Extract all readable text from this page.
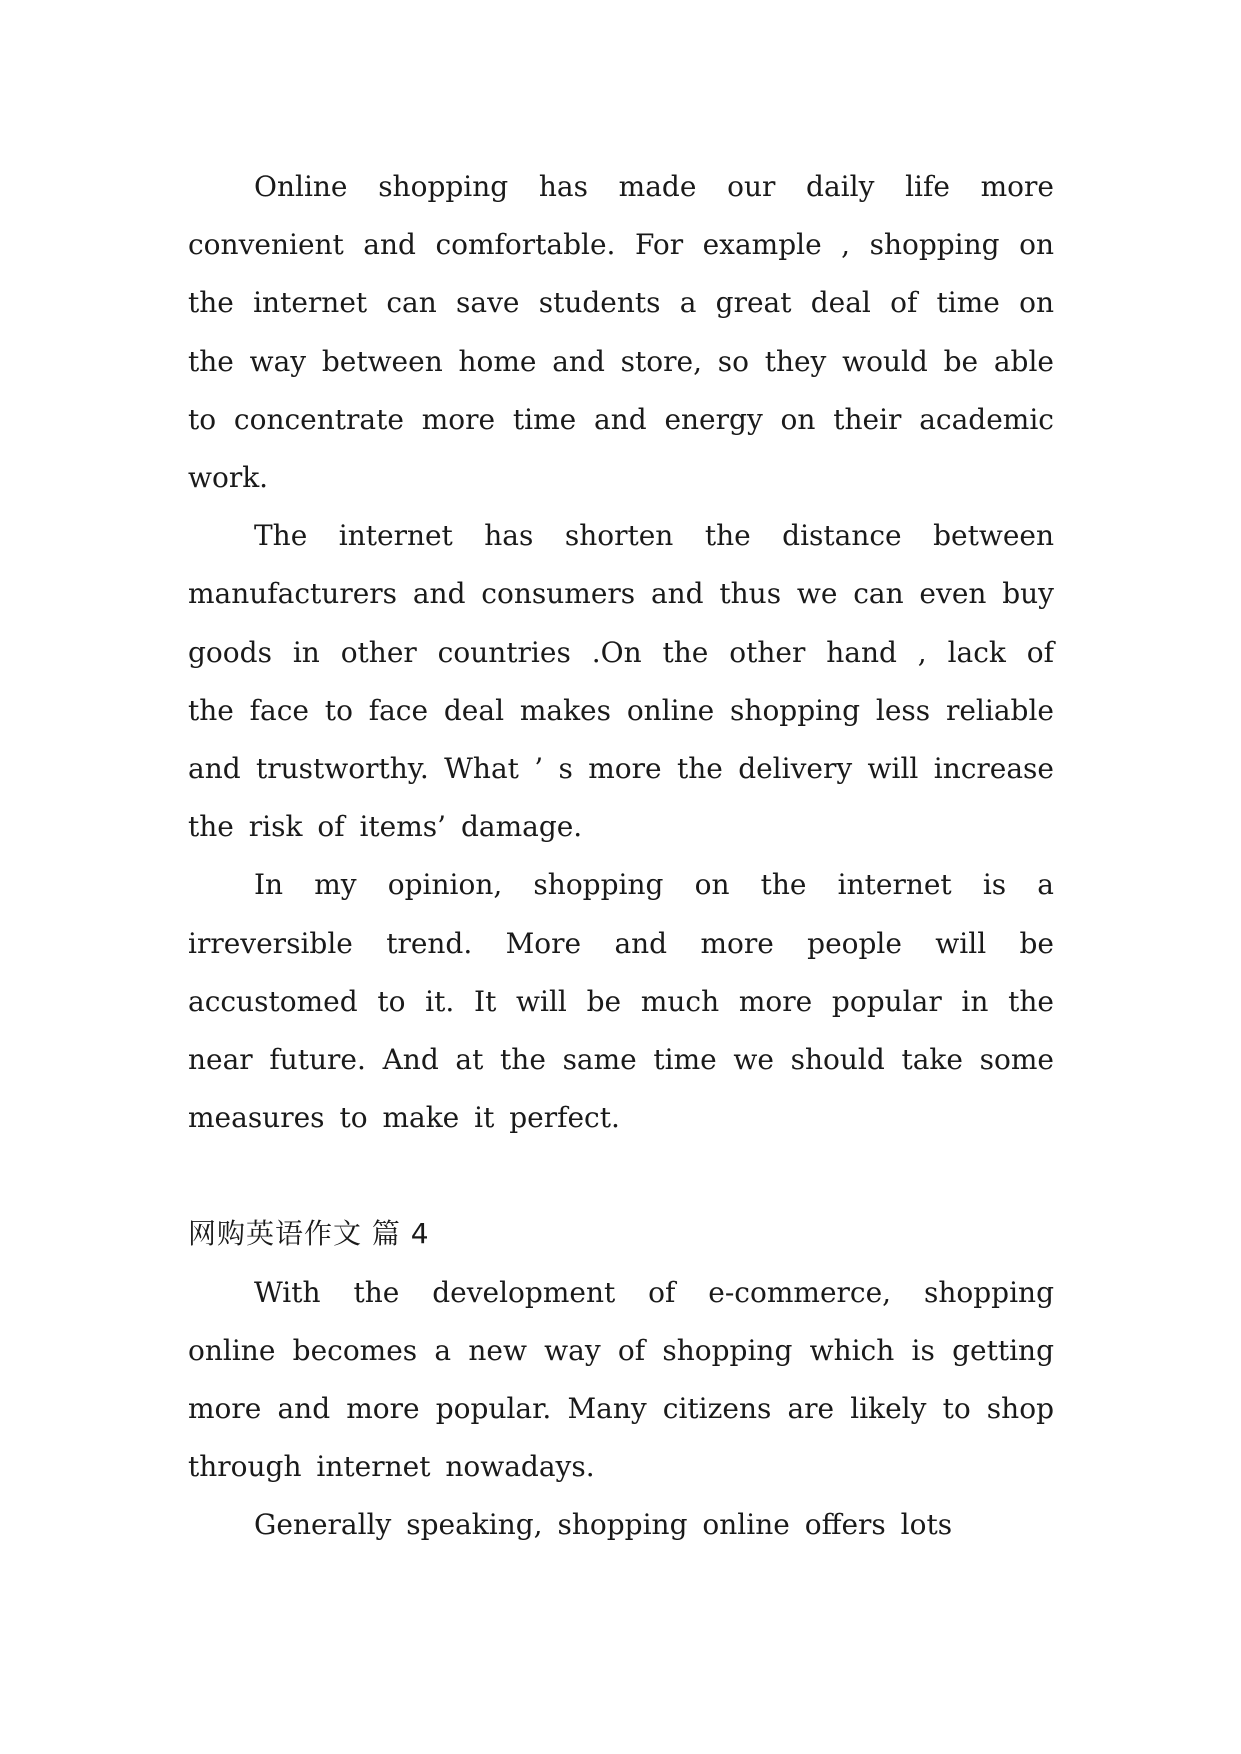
Online shopping has made our daily life more convenient and comfortable. For example , shopping on the internet can save students a great deal of time on the way between home and store, so they would be able to concentrate more time and energy on their academic work.

The internet has shorten the distance between manufacturers and consumers and thus we can even buy goods in other countries .On the other hand , lack of the face to face deal makes online shopping less reliable and trustworthy. What ’ s more the delivery will increase the risk of items’ damage.

In my opinion, shopping on the internet is a irreversible trend. More and more people will be accustomed to it. It will be much more popular in the near future. And at the same time we should take some measures to make it perfect.

网购英语作文 篇 4

With the development of e-commerce, shopping online becomes a new way of shopping which is getting more and more popular. Many citizens are likely to shop through internet nowadays.

Generally speaking, shopping online offers lots
